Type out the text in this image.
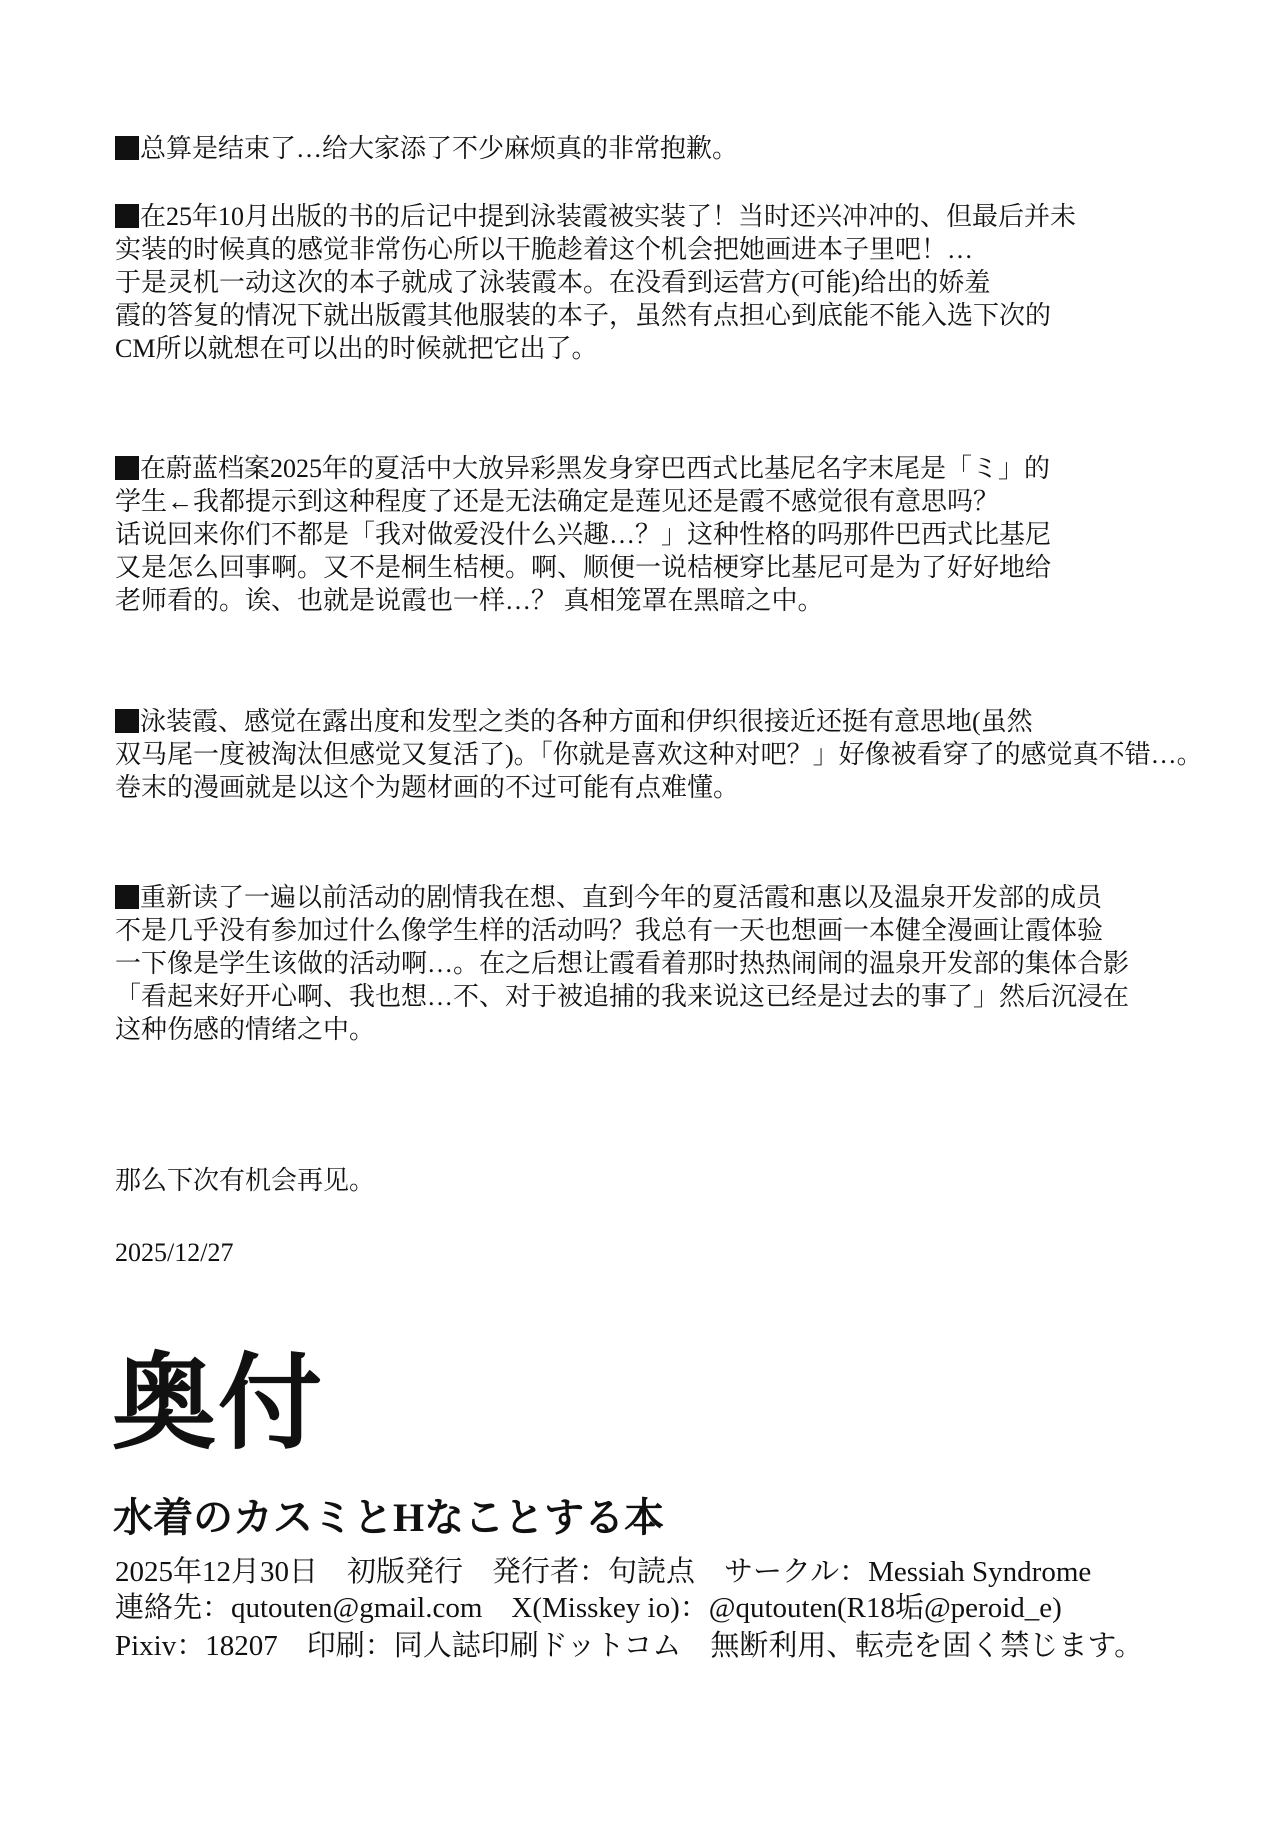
总算是结束了…给大家添了不少麻烦真的非常抱歉。
在25年10月出版的书的后记中提到泳装霞被实装了！当时还兴冲冲的、但最后并未
实装的时候真的感觉非常伤心所以干脆趁着这个机会把她画进本子里吧！…
于是灵机一动这次的本子就成了泳装霞本。在没看到运营方(可能)给出的娇羞
霞的答复的情况下就出版霞其他服装的本子，虽然有点担心到底能不能入选下次的
CM所以就想在可以出的时候就把它出了。
在蔚蓝档案2025年的夏活中大放异彩黑发身穿巴西式比基尼名字末尾是「ミ」的
学生←我都提示到这种程度了还是无法确定是莲见还是霞不感觉很有意思吗？
话说回来你们不都是「我对做爱没什么兴趣…？」这种性格的吗那件巴西式比基尼
又是怎么回事啊。又不是桐生桔梗。啊、顺便一说桔梗穿比基尼可是为了好好地给
老师看的。诶、也就是说霞也一样…？ 真相笼罩在黑暗之中。
泳装霞、感觉在露出度和发型之类的各种方面和伊织很接近还挺有意思地(虽然
双马尾一度被淘汰但感觉又复活了)。「你就是喜欢这种对吧？」好像被看穿了的感觉真不错…。
卷末的漫画就是以这个为题材画的不过可能有点难懂。
重新读了一遍以前活动的剧情我在想、直到今年的夏活霞和惠以及温泉开发部的成员
不是几乎没有参加过什么像学生样的活动吗？我总有一天也想画一本健全漫画让霞体验
一下像是学生该做的活动啊…。在之后想让霞看着那时热热闹闹的温泉开发部的集体合影
「看起来好开心啊、我也想…不、对于被追捕的我来说这已经是过去的事了」然后沉浸在
这种伤感的情绪之中。
那么下次有机会再见。
2025/12/27
奥付
水着のカスミとHなことする本
2025年12月30日　初版発行　発行者：句読点　サークル：Messiah Syndrome
連絡先：qutouten@gmail.com　X(Misskey io)：@qutouten(R18垢@peroid_e)
Pixiv：18207　印刷：同人誌印刷ドットコム　無断利用、転売を固く禁じます。
